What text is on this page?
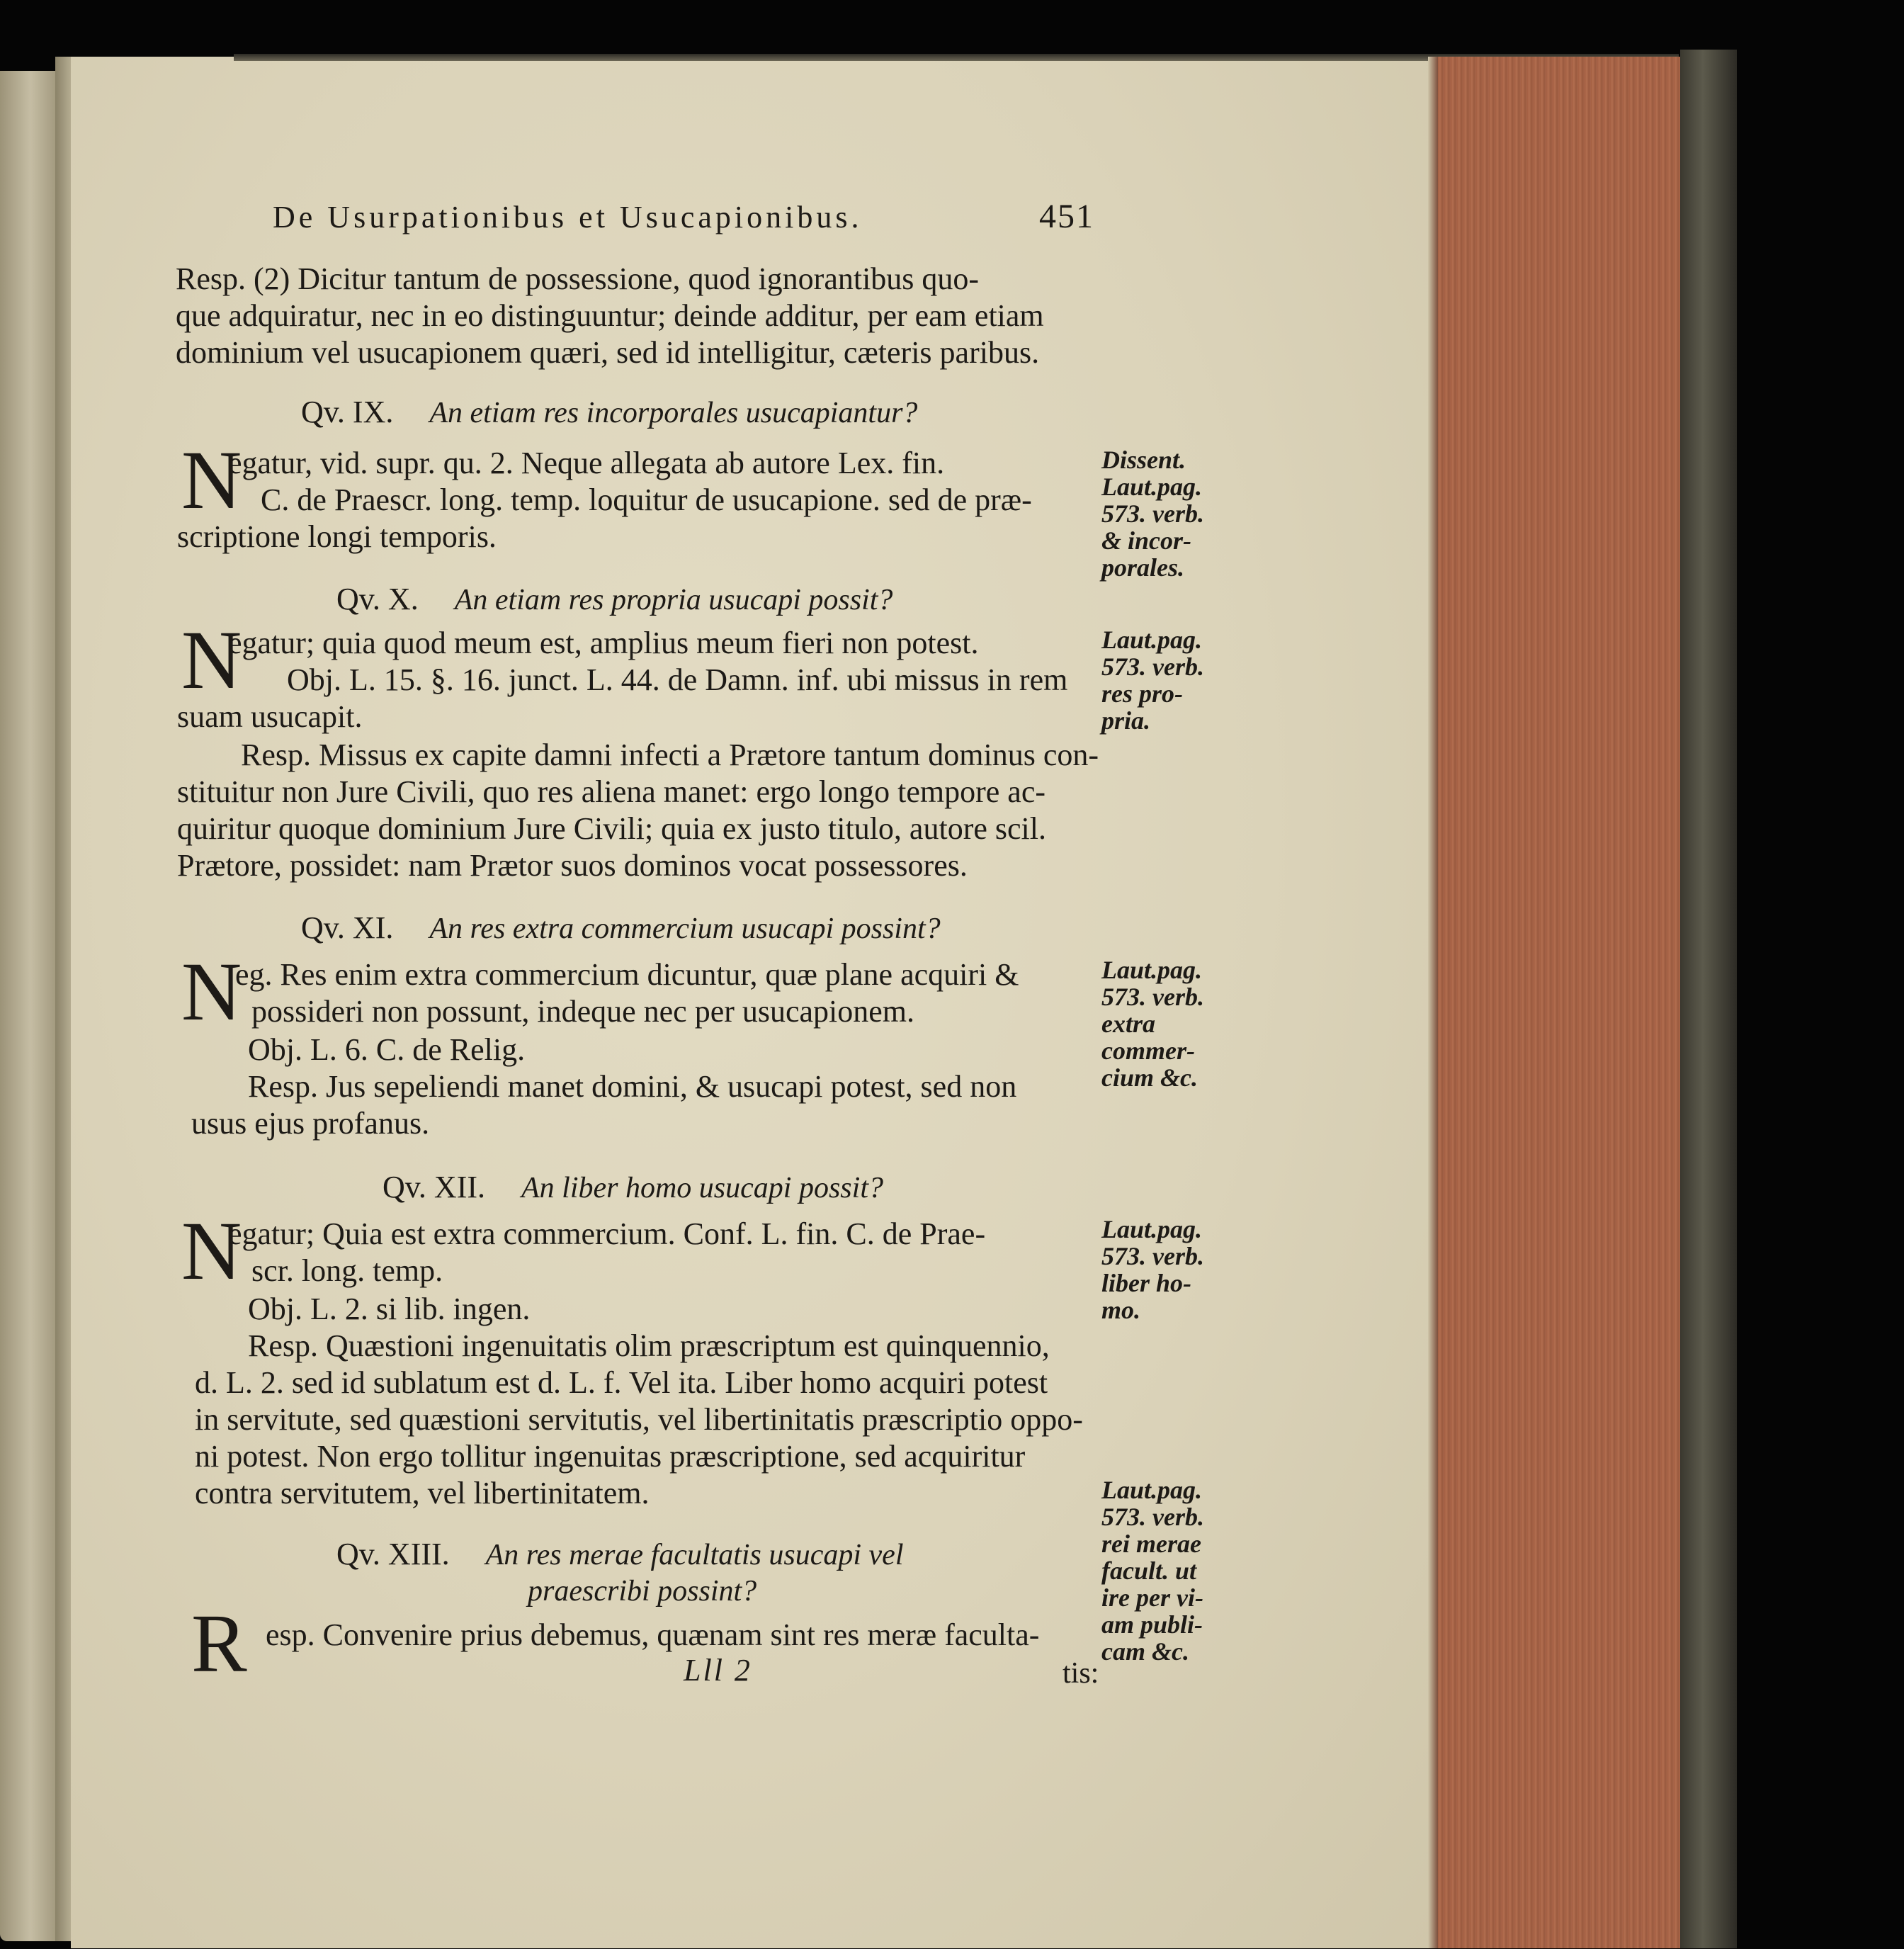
De Usurpationibus et Usucapionibus.	451
Resp. (2) Dicitur tantum de possessione, quod ignorantibus quo-
que adquiratur, nec in eo distinguuntur; deinde additur, per eam etiam
dominium vel usucapionem quæri, sed id intelligitur, cæteris paribus.
Qv. IX. An etiam res incorporales usucapiantur?
N
egatur, vid. supr. qu. 2. Neque allegata ab autore Lex. fin.
C. de Praescr. long. temp. loquitur de usucapione. sed de præ-
scriptione longi temporis.
Qv. X. An etiam res propria usucapi possit?
N
egatur; quia quod meum est, amplius meum fieri non potest.
Obj. L. 15. §. 16. junct. L. 44. de Damn. inf. ubi missus in rem
suam usucapit.
Resp. Missus ex capite damni infecti a Prætore tantum dominus con-
stituitur non Jure Civili, quo res aliena manet: ergo longo tempore ac-
quiritur quoque dominium Jure Civili; quia ex justo titulo, autore scil.
Prætore, possidet: nam Prætor suos dominos vocat possessores.
Qv. XI. An res extra commercium usucapi possint?
N
eg. Res enim extra commercium dicuntur, quæ plane acquiri &
possideri non possunt, indeque nec per usucapionem.
Obj. L. 6. C. de Relig.
Resp. Jus sepeliendi manet domini, & usucapi potest, sed non
usus ejus profanus.
Qv. XII. An liber homo usucapi possit?
N
egatur; Quia est extra commercium. Conf. L. fin. C. de Prae-
scr. long. temp.
Obj. L. 2. si lib. ingen.
Resp. Quæstioni ingenuitatis olim præscriptum est quinquennio,
d. L. 2. sed id sublatum est d. L. f. Vel ita. Liber homo acquiri potest
in servitute, sed quæstioni servitutis, vel libertinitatis præscriptio oppo-
ni potest. Non ergo tollitur ingenuitas præscriptione, sed acquiritur
contra servitutem, vel libertinitatem.
Qv. XIII. An res merae facultatis usucapi vel
praescribi possint?
R esp. Convenire prius debemus, quænam sint res meræ faculta-
Lll 2	tis:
Dissent.
Laut.pag.
573. verb.
& incor-
porales.
Laut.pag.
573. verb.
res pro-
pria.
Laut.pag.
573. verb.
extra
commer-
cium &c.
Laut.pag.
573. verb.
liber ho-
mo.
Laut.pag.
573. verb.
rei merae
facult. ut
ire per vi-
am publi-
cam &c.
